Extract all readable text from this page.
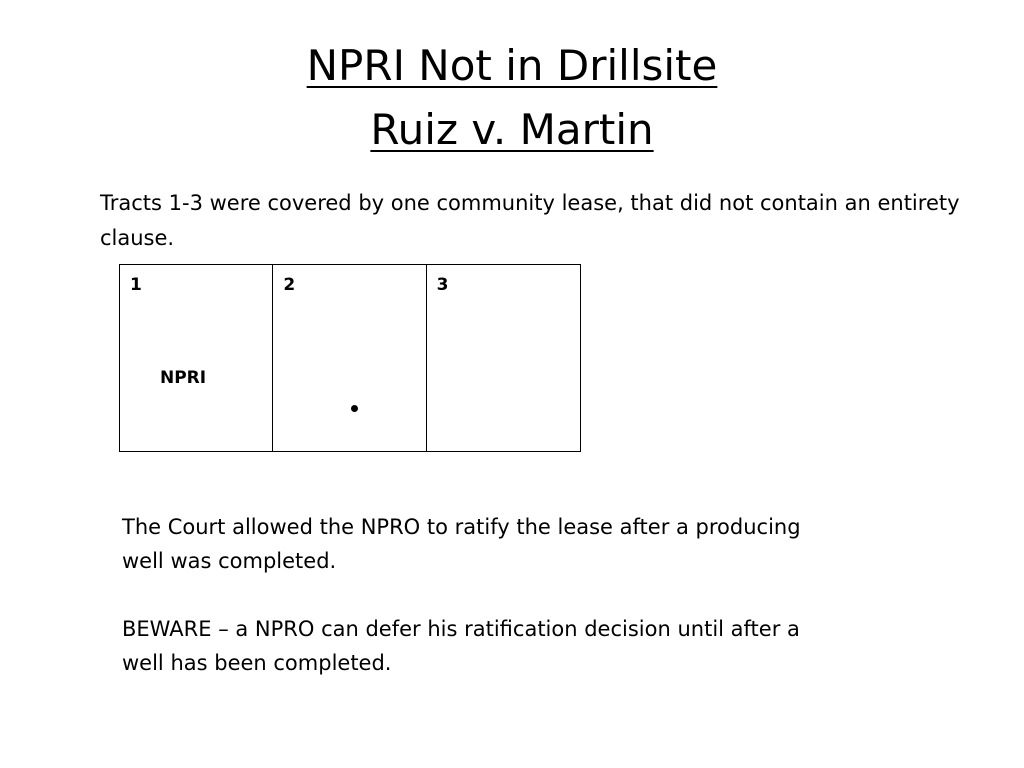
NPRI Not in Drillsite
Ruiz v. Martin

Tracts 1-3 were covered by one community lease, that did not contain an entirety clause.

1
NPRI
2	3

The Court allowed the NPRO to ratify the lease after a producing well was completed.

BEWARE – a NPRO can defer his ratification decision until after a well has been completed.
